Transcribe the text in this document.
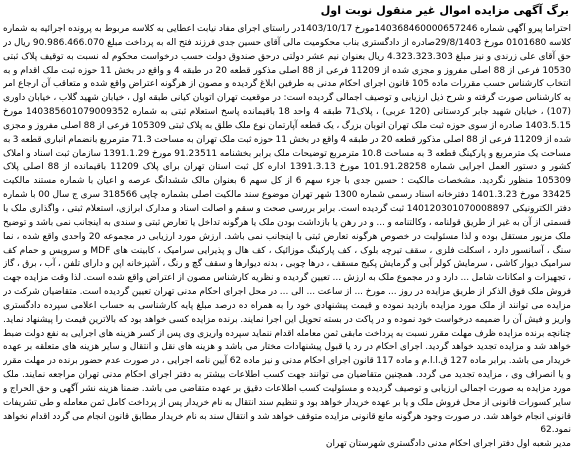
برگ آگهی مزایده اموال غیر منقول نوبت اول
احتراما پیرو آگهی شماره 140368460000657246مورخ 1403/10/17در راستای اجرای مفاد نیابت اعطایی به کلاسه مربوط به پرونده اجرائیه به شماره کلاسه 0101680 مورخ 29/8/1403صادره از دادگستری بناب محکومیت مالی آقای حسین جدی فرزند فتح اله به پرداخت مبلغ 90.986.466.070 ریال در حق آقای علی زرندی و نیز مبلغ 4.323.323.303 ریال بعنوان نیم عشر دولتی درحق صندوق دولت حسب درخواست محکوم له نسبت به توقیف پلاک ثبتی 10530 فرعی از 88 اصلی مفروز و مجزی شده از 11209 فرعی از 88 اصلی مذکور قطعه 20 در طبقه 4 و واقع در بخش 11 حوزه ثبت ملک اقدام و به انتخاب کارشناس حسب مقررات ماده 105 قانون اجرای احکام مدنی به طرفین ابلاغ گردیده و مصون از هرگونه اعتراض واقع شده و متعاقب آن ارجاع امر به کارشناس صورت گرفته و شرح ذیل ارزیابی و توصیف اجمالی گردیده است: در موقعیت تهران اتوبان کیانی طبقه اول ، خیابان شهید گلاب ، خیابان داوری (107) ، خیابان شهید جابر کردستانی (120 عربی) ، پلاک71 طبقه 4 واحد 18 باقیمانده پاسخ استعلام ثبتی به شماره 140385601079009352 مورخ 1403.5.15 صادره از سوی حوزه ثبت ملک تهران اتوبان بزرگ ، یک قطعه آپارتمان نوع ملک طلق به پلاک ثبتی 105309 فرعی از 88 اصلی مفروز و مجزی شده از 11209 فرعی از 88 اصلی مذکور قطعه 20 در طبقه 4 واقع در بخش 11 حوزه ثبت ملک تهران به مساحت 71.3 مترمربع بانضمام انباری قطعه 3 به مساحت یک مترمربع و پارکینگ قطعه 3 به مساحت 10.8 مترمربع توضیحات ملک برابر بخشنامه 91.23511 مورخ 1391.1.29 سازمان ثبت اسناد و املاک کشور و دستور العمل اجرایی شماره 101.91.28258 مورخ 1391.3.13 اداره کل ثبت استان تهران برای پلاک 11209 باقیمانده از 88 اصلی پلاک 105309 منظور نگردید. مشخصات مالکیت : حسین جدی با جزء سهم 6 از کل سهم 6 بعنوان مالک ششدانگ عرصه و اعیان با شماره مستند مالکیت 33425 مورخ 1401.3.23 دفترخانه اسناد رسمی شماره 1300 شهر تهران موضوع سند مالکیت اصلی بشماره چاپی 318566 سری ج سال 00 با شماره دفتر الکترونیکی 140120301070008897 ثبت گردیده است. برابر بررسی صحت و سقم و اصالت اسناد و مدارک ابرازی، استعلام ثبتی ، واگذاری ملک با قسمتی از آن به غیر از طریق قولنامه ، وکالتنامه و ... و در رهن یا بازداشت بودن ملک یا هرگونه تداخل یا تعارض ثبتی و سندی به اینجانب نمی باشد و توضیح ملک مزبور مستقل بوده و لذا مسئولیت در خصوص هرگونه تعارض ثبتی با اینجانب نمی باشد. ارزش مورد ارزیابی در مجموعه 20 واحدی واقع شده ، نما سنگ ، آسانسور دارد ، اسکلت فلزی ، سقف تیرچه بلوک ، کف پارکینگ موزائیک ، کف هال و پذیرایی سرامیک ، کابینت های MDF و سرویس و حمام کف سرامیک دیوار کاشی ، سرمایش کولر آبی و گرمایش پکیج مسقف ، درها چوبی ، بدنه دیوارها و سقف گچ و رنگ ، آشپزخانه اپن و دارای تلفن ، آب ، برق ، گاز ، تجهیزات و امکانات شامل ... دارد و در مجموع ملک به ارزش ... تعیین گردیده و نظریه کارشناس مصون از اعتراض واقع شده است. لذا وقت مزایده جهت فروش ملک فوق الذکر از طریق مزایده در روز ... مورخ ... از ساعت ... الی ... در محل اجرای احکام مدنی تهران تعیین گردیده است. متقاضیان شرکت در مزایده می توانند از ملک مورد مزایده بازدید نموده و قیمت پیشنهادی خود را به همراه ده درصد مبلغ پایه کارشناسی به حساب اعلامی سپرده دادگستری واریز و فیش آن را ضمیمه درخواست خود نموده و در پاکت در بسته تحویل این اجرا نمایند. برنده مزایده کسی خواهد بود که بالاترین قیمت را پیشنهاد نماید. چنانچه برنده مزایده ظرف مهلت مقرر نسبت به پرداخت مابقی ثمن معامله اقدام ننماید سپرده واریزی وی پس از کسر هزینه های اجرایی به نفع دولت ضبط خواهد شد و مزایده تجدید خواهد گردید. اجرای احکام در رد یا قبول پیشنهادات مختار می باشد و هزینه های نقل و انتقال و سایر هزینه های متعلقه بر عهده خریدار می باشد. برابر ماده 127 ق.ا.ا.م و ماده 117 قانون اجرای احکام مدنی و نیز ماده 62 آیین نامه اجرایی ، در صورت عدم حضور برنده در مهلت مقرر و یا انصراف وی ، مزایده تجدید می گردد. همچنین متقاضیان می توانند جهت کسب اطلاعات بیشتر به دفتر اجرای احکام مدنی تهران مراجعه نمایند. ملک مورد مزایده به صورت اجمالی ارزیابی و توصیف گردیده و مسئولیت کسب اطلاعات دقیق بر عهده متقاضی می باشد. ضمنا هزینه نشر آگهی و حق الحراج و سایر کسورات قانونی از محل فروش ملک و یا بر عهده خریدار خواهد بود و تنظیم سند انتقال به نام خریدار پس از پرداخت کامل ثمن معامله و طی تشریفات قانونی انجام خواهد شد. در صورت وجود هرگونه مانع قانونی مزایده متوقف خواهد شد و انتقال سند به نام خریدار مطابق قانون انجام می گردد اقدام نخواهد نمود.62
مدیر شعبه اول دفتر اجرای احکام مدنی دادگستری شهرستان تهران
